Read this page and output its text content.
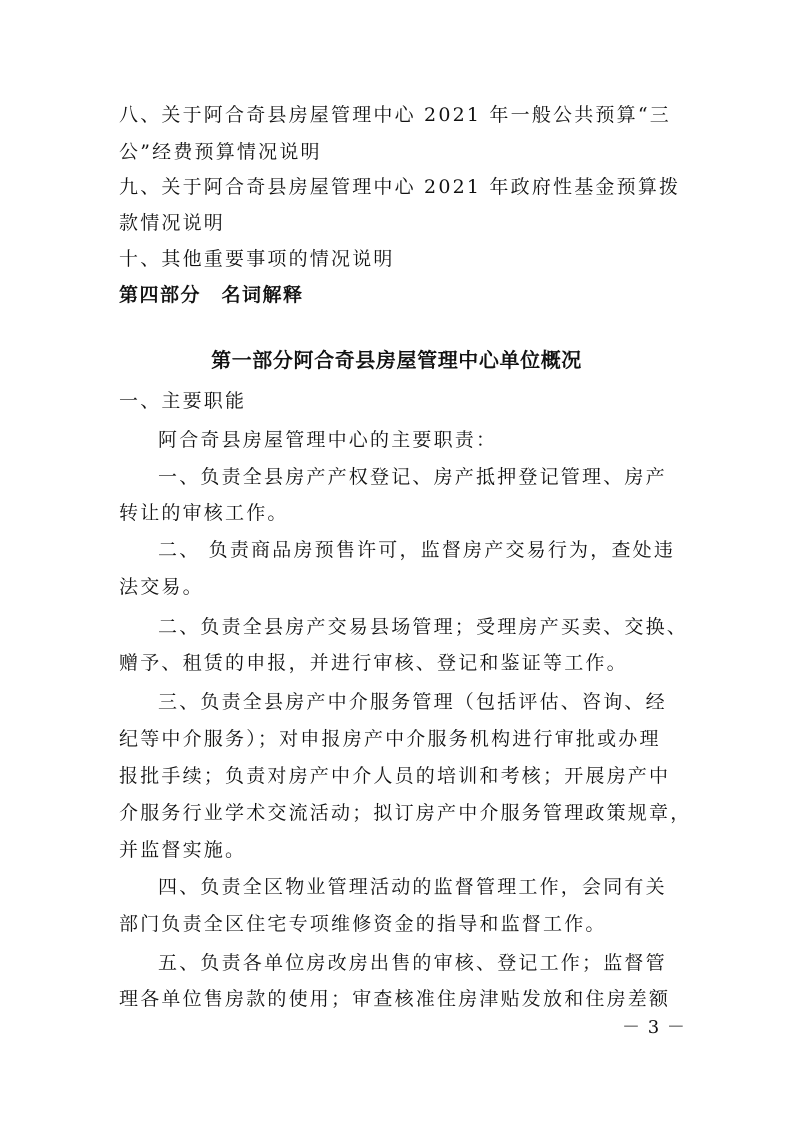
八、关于阿合奇县房屋管理中心 2021 年一般公共预算“三
公”经费预算情况说明
九、关于阿合奇县房屋管理中心 2021 年政府性基金预算拨
款情况说明
十、其他重要事项的情况说明
第四部分　名词解释
第一部分阿合奇县房屋管理中心单位概况
一、主要职能
阿合奇县房屋管理中心的主要职责：
一、负责全县房产产权登记、房产抵押登记管理、房产
转让的审核工作。
二、 负责商品房预售许可，监督房产交易行为，查处违
法交易。
二、负责全县房产交易县场管理；受理房产买卖、交换、
赠予、租赁的申报，并进行审核、登记和鉴证等工作。
三、负责全县房产中介服务管理（包括评估、咨询、经
纪等中介服务）；对申报房产中介服务机构进行审批或办理
报批手续；负责对房产中介人员的培训和考核；开展房产中
介服务行业学术交流活动；拟订房产中介服务管理政策规章，
并监督实施。
四、负责全区物业管理活动的监督管理工作，会同有关
部门负责全区住宅专项维修资金的指导和监督工作。
五、负责各单位房改房出售的审核、登记工作；监督管
理各单位售房款的使用；审查核准住房津贴发放和住房差额
－ 3 －
